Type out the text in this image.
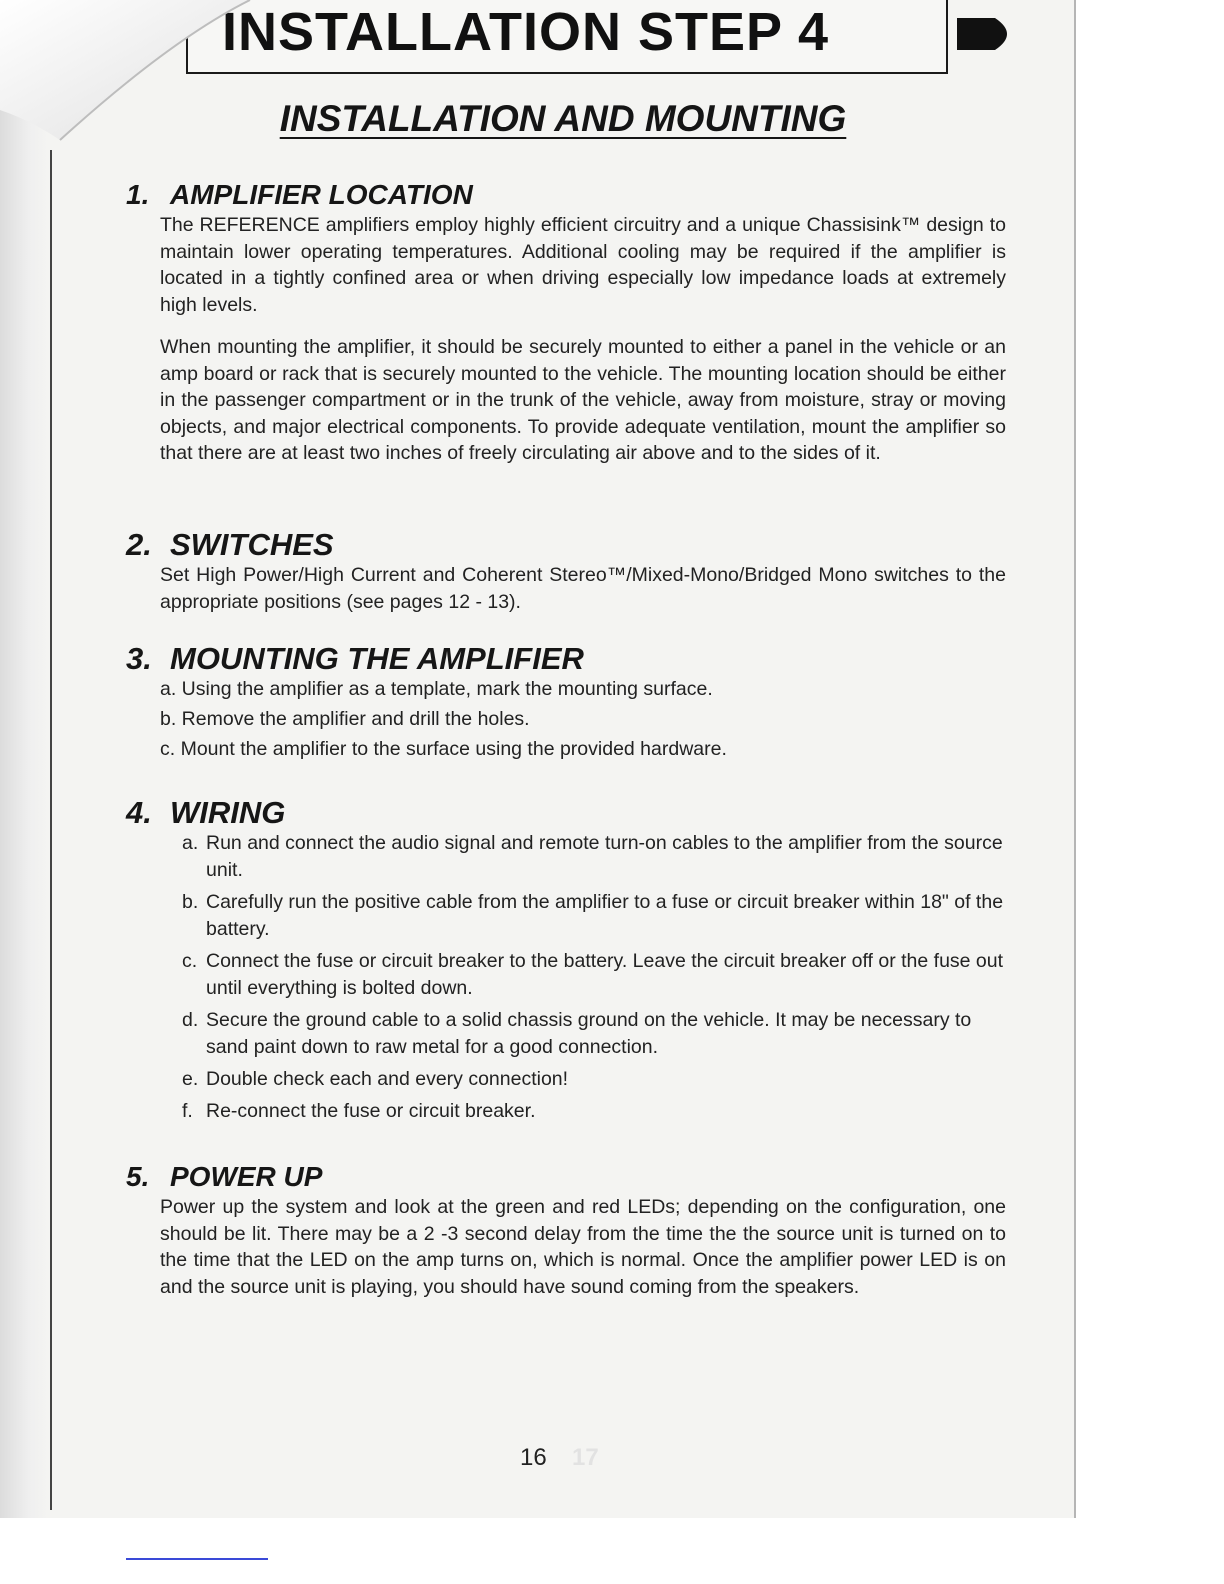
INSTALLATION STEP 4
INSTALLATION AND MOUNTING
1. AMPLIFIER LOCATION

The REFERENCE amplifiers employ highly efficient circuitry and a unique Chassisink™ design to maintain lower operating temperatures. Additional cooling may be required if the amplifier is located in a tightly confined area or when driving especially low impedance loads at extremely high levels.

When mounting the amplifier, it should be securely mounted to either a panel in the vehicle or an amp board or rack that is securely mounted to the vehicle. The mounting location should be either in the passenger compartment or in the trunk of the vehicle, away from moisture, stray or moving objects, and major electrical components. To provide adequate ventilation, mount the amplifier so that there are at least two inches of freely circulating air above and to the sides of it.

2. SWITCHES

Set High Power/High Current and Coherent Stereo™/Mixed-Mono/Bridged Mono switches to the appropriate positions (see pages 12 - 13).

3. MOUNTING THE AMPLIFIER
a. Using the amplifier as a template, mark the mounting surface.
b. Remove the amplifier and drill the holes.
c. Mount the amplifier to the surface using the provided hardware.
4. WIRING
a. Run and connect the audio signal and remote turn-on cables to the amplifier from the source unit.
b. Carefully run the positive cable from the amplifier to a fuse or circuit breaker within 18" of the battery.
c. Connect the fuse or circuit breaker to the battery. Leave the circuit breaker off or the fuse out until everything is bolted down.
d. Secure the ground cable to a solid chassis ground on the vehicle. It may be necessary to sand paint down to raw metal for a good connection.
e. Double check each and every connection!
f. Re-connect the fuse or circuit breaker.
5. POWER UP

Power up the system and look at the green and red LEDs; depending on the configuration, one should be lit. There may be a 2 -3 second delay from the time the the source unit is turned on to the time that the LED on the amp turns on, which is normal. Once the amplifier power LED is on and the source unit is playing, you should have sound coming from the speakers.

16 17
